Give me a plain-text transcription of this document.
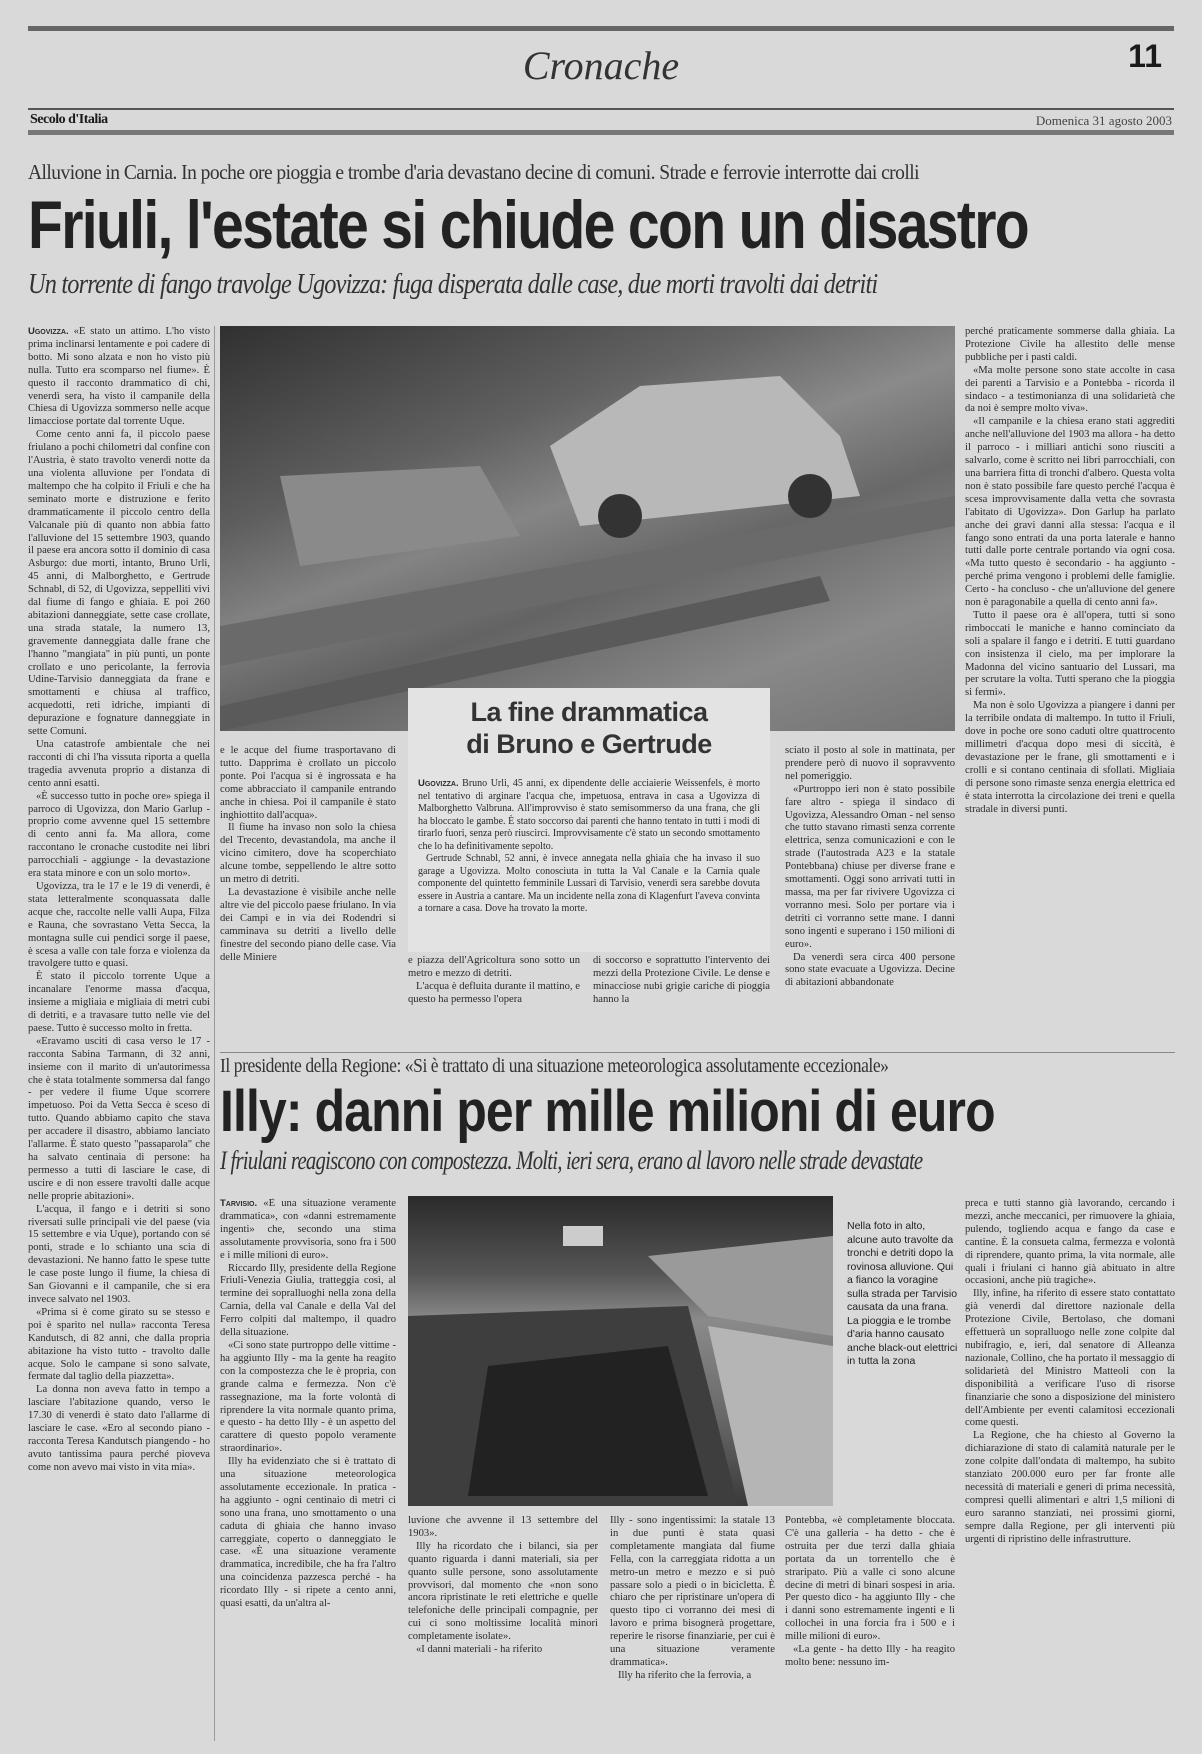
Cronache	11
Secolo d'Italia	Domenica 31 agosto 2003
Alluvione in Carnia. In poche ore pioggia e trombe d'aria devastano decine di comuni. Strade e ferrovie interrotte dai crolli
Friuli, l'estate si chiude con un disastro
Un torrente di fango travolge Ugovizza: fuga disperata dalle case, due morti travolti dai detriti

Ugovizza. «È stato un attimo. L'ho visto prima inclinarsi lentamente e poi cadere di botto. Mi sono alzata e non ho visto più nulla. Tutto era scomparso nel fiume». È questo il racconto drammatico di chi, venerdì sera, ha visto il campanile della Chiesa di Ugovizza sommerso nelle acque limacciose portate dal torrente Uque.

Come cento anni fa, il piccolo paese friulano a pochi chilometri dal confine con l'Austria, è stato travolto venerdì notte da una violenta alluvione per l'ondata di maltempo che ha colpito il Friuli e che ha seminato morte e distruzione e ferito drammaticamente il piccolo centro della Valcanale più di quanto non abbia fatto l'alluvione del 15 settembre 1903, quando il paese era ancora sotto il dominio di casa Asburgo: due morti, intanto, Bruno Urli, 45 anni, di Malborghetto, e Gertrude Schnabl, di 52, di Ugovizza, seppelliti vivi dal fiume di fango e ghiaia. E poi 260 abitazioni danneggiate, sette case crollate, una strada statale, la numero 13, gravemente danneggiata dalle frane che l'hanno "mangiata" in più punti, un ponte crollato e uno pericolante, la ferrovia Udine-Tarvisio danneggiata da frane e smottamenti e chiusa al traffico, acquedotti, reti idriche, impianti di depurazione e fognature danneggiate in sette Comuni.

Una catastrofe ambientale che nei racconti di chi l'ha vissuta riporta a quella tragedia avvenuta proprio a distanza di cento anni esatti.

«È successo tutto in poche ore» spiega il parroco di Ugovizza, don Mario Garlup - proprio come avvenne quel 15 settembre di cento anni fa. Ma allora, come raccontano le cronache custodite nei libri parrocchiali - aggiunge - la devastazione era stata minore e con un solo morto».

Ugovizza, tra le 17 e le 19 di venerdì, è stata letteralmente sconquassata dalle acque che, raccolte nelle valli Aupa, Filza e Rauna, che sovrastano Vetta Secca, la montagna sulle cui pendici sorge il paese, è scesa a valle con tale forza e violenza da travolgere tutto e quasi.

È stato il piccolo torrente Uque a incanalare l'enorme massa d'acqua, insieme a migliaia e migliaia di metri cubi di detriti, e a travasare tutto nelle vie del paese. Tutto è successo molto in fretta.

«Eravamo usciti di casa verso le 17 - racconta Sabina Tarmann, di 32 anni, insieme con il marito di un'autorimessa che è stata totalmente sommersa dal fango - per vedere il fiume Uque scorrere impetuoso. Poi da Vetta Secca è sceso di tutto. Quando abbiamo capito che stava per accadere il disastro, abbiamo lanciato l'allarme. È stato questo "passaparola" che ha salvato centinaia di persone: ha permesso a tutti di lasciare le case, di uscire e di non essere travolti dalle acque nelle proprie abitazioni».

L'acqua, il fango e i detriti si sono riversati sulle principali vie del paese (via 15 settembre e via Uque), portando con sé ponti, strade e lo schianto una scia di devastazioni. Ne hanno fatto le spese tutte le case poste lungo il fiume, la chiesa di San Giovanni e il campanile, che si era invece salvato nel 1903.

«Prima si è come girato su se stesso e poi è sparito nel nulla» racconta Teresa Kandutsch, di 82 anni, che dalla propria abitazione ha visto tutto - travolto dalle acque. Solo le campane si sono salvate, fermate dal taglio della piazzetta».

La donna non aveva fatto in tempo a lasciare l'abitazione quando, verso le 17.30 di venerdì è stato dato l'allarme di lasciare le case. «Ero al secondo piano - racconta Teresa Kandutsch piangendo - ho avuto tantissima paura perché pioveva come non avevo mai visto in vita mia».

e le acque del fiume trasportavano di tutto. Dapprima è crollato un piccolo ponte. Poi l'acqua si è ingrossata e ha come abbracciato il campanile entrando anche in chiesa. Poi il campanile è stato inghiottito dall'acqua».

Il fiume ha invaso non solo la chiesa del Trecento, devastandola, ma anche il vicino cimitero, dove ha scoperchiato alcune tombe, seppellendo le altre sotto un metro di detriti.

La devastazione è visibile anche nelle altre vie del piccolo paese friulano. In via dei Campi e in via dei Rodendri si camminava su detriti a livello delle finestre del secondo piano delle case. Via delle Miniere

La fine drammatica
di Bruno e Gertrude

Ugovizza. Bruno Urli, 45 anni, ex dipendente delle acciaierie Weissenfels, è morto nel tentativo di arginare l'acqua che, impetuosa, entrava in casa a Ugovizza di Malborghetto Valbruna. All'improvviso è stato semisommerso da una frana, che gli ha bloccato le gambe. È stato soccorso dai parenti che hanno tentato in tutti i modi di tirarlo fuori, senza però riuscirci. Improvvisamente c'è stato un secondo smottamento che lo ha definitivamente sepolto.

Gertrude Schnabl, 52 anni, è invece annegata nella ghiaia che ha invaso il suo garage a Ugovizza. Molto conosciuta in tutta la Val Canale e la Carnia quale componente del quintetto femminile Lussari di Tarvisio, venerdì sera sarebbe dovuta essere in Austria a cantare. Ma un incidente nella zona di Klagenfurt l'aveva convinta a tornare a casa. Dove ha trovato la morte.

e piazza dell'Agricoltura sono sotto un metro e mezzo di detriti.

L'acqua è defluita durante il mattino, e questo ha permesso l'opera

di soccorso e soprattutto l'intervento dei mezzi della Protezione Civile. Le dense e minacciose nubi grigie cariche di pioggia hanno la

sciato il posto al sole in mattinata, per prendere però di nuovo il sopravvento nel pomeriggio.

«Purtroppo ieri non è stato possibile fare altro - spiega il sindaco di Ugovizza, Alessandro Oman - nel senso che tutto stavano rimasti senza corrente elettrica, senza comunicazioni e con le strade (l'autostrada A23 e la statale Pontebbana) chiuse per diverse frane e smottamenti. Oggi sono arrivati tutti in massa, ma per far rivivere Ugovizza ci vorranno mesi. Solo per portare via i detriti ci vorranno sette mane. I danni sono ingenti e superano i 150 milioni di euro».

Da venerdì sera circa 400 persone sono state evacuate a Ugovizza. Decine di abitazioni abbandonate

perché praticamente sommerse dalla ghiaia. La Protezione Civile ha allestito delle mense pubbliche per i pasti caldi.

«Ma molte persone sono state accolte in casa dei parenti a Tarvisio e a Pontebba - ricorda il sindaco - a testimonianza di una solidarietà che da noi è sempre molto viva».

«Il campanile e la chiesa erano stati aggrediti anche nell'alluvione del 1903 ma allora - ha detto il parroco - i milliari antichi sono riusciti a salvarlo, come è scritto nei libri parrocchiali, con una barriera fitta di tronchi d'albero. Questa volta non è stato possibile fare questo perché l'acqua è scesa improvvisamente dalla vetta che sovrasta l'abitato di Ugovizza». Don Garlup ha parlato anche dei gravi danni alla stessa: l'acqua e il fango sono entrati da una porta laterale e hanno tutti dalle porte centrale portando via ogni cosa. «Ma tutto questo è secondario - ha aggiunto - perché prima vengono i problemi delle famiglie. Certo - ha concluso - che un'alluvione del genere non è paragonabile a quella di cento anni fa».

Tutto il paese ora è all'opera, tutti si sono rimboccati le maniche e hanno cominciato da soli a spalare il fango e i detriti. E tutti guardano con insistenza il cielo, ma per implorare la Madonna del vicino santuario del Lussari, ma per scrutare la volta. Tutti sperano che la pioggia si fermi».

Ma non è solo Ugovizza a piangere i danni per la terribile ondata di maltempo. In tutto il Friuli, dove in poche ore sono caduti oltre quattrocento millimetri d'acqua dopo mesi di siccità, è devastazione per le frane, gli smottamenti e i crolli e si contano centinaia di sfollati. Migliaia di persone sono rimaste senza energia elettrica ed è stata interrotta la circolazione dei treni e quella stradale in diversi punti.

Il presidente della Regione: «Si è trattato di una situazione meteorologica assolutamente eccezionale»
Illy: danni per mille milioni di euro
I friulani reagiscono con compostezza. Molti, ieri sera, erano al lavoro nelle strade devastate

Tarvisio. «È una situazione veramente drammatica», con «danni estremamente ingenti» che, secondo una stima assolutamente provvisoria, sono fra i 500 e i mille milioni di euro».

Riccardo Illy, presidente della Regione Friuli-Venezia Giulia, tratteggia così, al termine dei sopralluoghi nella zona della Carnia, della val Canale e della Val del Ferro colpiti dal maltempo, il quadro della situazione.

«Ci sono state purtroppo delle vittime - ha aggiunto Illy - ma la gente ha reagito con la compostezza che le è propria, con grande calma e fermezza. Non c'è rassegnazione, ma la forte volontà di riprendere la vita normale quanto prima, e questo - ha detto Illy - è un aspetto del carattere di questo popolo veramente straordinario».

Illy ha evidenziato che si è trattato di una situazione meteorologica assolutamente eccezionale. In pratica - ha aggiunto - ogni centinaio di metri ci sono una frana, uno smottamento o una caduta di ghiaia che hanno invaso carreggiate, coperto o danneggiato le case. «È una situazione veramente drammatica, incredibile, che ha fra l'altro una coincidenza pazzesca perché - ha ricordato Illy - si ripete a cento anni, quasi esatti, da un'altra al-

Nella foto in alto, alcune auto travolte da tronchi e detriti dopo la rovinosa alluvione. Qui a fianco la voragine sulla strada per Tarvisio causata da una frana. La pioggia e le trombe d'aria hanno causato anche black-out elettrici in tutta la zona

luvione che avvenne il 13 settembre del 1903».

Illy ha ricordato che i bilanci, sia per quanto riguarda i danni materiali, sia per quanto sulle persone, sono assolutamente provvisori, dal momento che «non sono ancora ripristinate le reti elettriche e quelle telefoniche delle principali compagnie, per cui ci sono moltissime località minori completamente isolate».

«I danni materiali - ha riferito

Illy - sono ingentissimi: la statale 13 in due punti è stata quasi completamente mangiata dal fiume Fella, con la carreggiata ridotta a un metro-un metro e mezzo e si può passare solo a piedi o in bicicletta. È chiaro che per ripristinare un'opera di questo tipo ci vorranno dei mesi di lavoro e prima bisognerà progettare, reperire le risorse finanziarie, per cui è una situazione veramente drammatica».

Illy ha riferito che la ferrovia, a

Pontebba, «è completamente bloccata. C'è una galleria - ha detto - che è ostruita per due terzi dalla ghiaia portata da un torrentello che è straripato. Più a valle ci sono alcune decine di metri di binari sospesi in aria. Per questo dico - ha aggiunto Illy - che i danni sono estremamente ingenti e li collochei in una forcia fra i 500 e i mille milioni di euro».

«La gente - ha detto Illy - ha reagito molto bene: nessuno im-

preca e tutti stanno già lavorando, cercando i mezzi, anche meccanici, per rimuovere la ghiaia, pulendo, togliendo acqua e fango da case e cantine. È la consueta calma, fermezza e volontà di riprendere, quanto prima, la vita normale, alle quali i friulani ci hanno già abituato in altre occasioni, anche più tragiche».

Illy, infine, ha riferito di essere stato contattato già venerdì dal direttore nazionale della Protezione Civile, Bertolaso, che domani effettuerà un sopralluogo nelle zone colpite dal nubifragio, e, ieri, dal senatore di Alleanza nazionale, Collino, che ha portato il messaggio di solidarietà del Ministro Matteoli con la disponibilità a verificare l'uso di risorse finanziarie che sono a disposizione del ministero dell'Ambiente per eventi calamitosi eccezionali come questi.

La Regione, che ha chiesto al Governo la dichiarazione di stato di calamità naturale per le zone colpite dall'ondata di maltempo, ha subito stanziato 200.000 euro per far fronte alle necessità di materiali e generi di prima necessità, compresi quelli alimentari e altri 1,5 milioni di euro saranno stanziati, nei prossimi giorni, sempre dalla Regione, per gli interventi più urgenti di ripristino delle infrastrutture.
